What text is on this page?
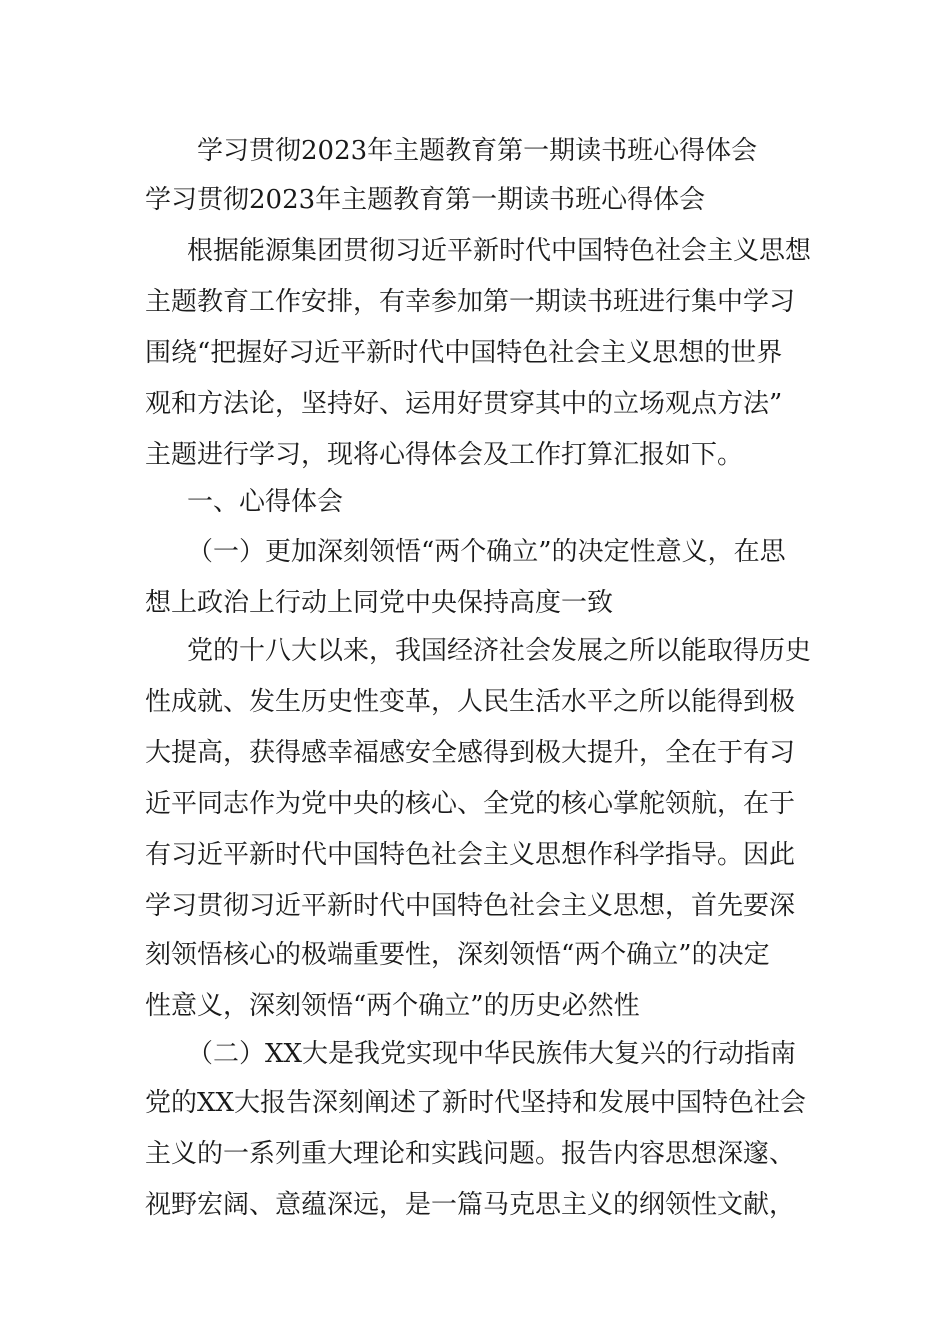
学习贯彻2023年主题教育第一期读书班心得体会

学习贯彻2023年主题教育第一期读书班心得体会

根据能源集团贯彻习近平新时代中国特色社会主义思想

主题教育工作安排，有幸参加第一期读书班进行集中学习

围绕“把握好习近平新时代中国特色社会主义思想的世界

观和方法论，坚持好、运用好贯穿其中的立场观点方法”

主题进行学习，现将心得体会及工作打算汇报如下。

一、心得体会

（一）更加深刻领悟“两个确立”的决定性意义，在思

想上政治上行动上同党中央保持高度一致

党的十八大以来，我国经济社会发展之所以能取得历史

性成就、发生历史性变革，人民生活水平之所以能得到极

大提高，获得感幸福感安全感得到极大提升，全在于有习

近平同志作为党中央的核心、全党的核心掌舵领航，在于

有习近平新时代中国特色社会主义思想作科学指导。因此

学习贯彻习近平新时代中国特色社会主义思想，首先要深

刻领悟核心的极端重要性，深刻领悟“两个确立”的决定

性意义，深刻领悟“两个确立”的历史必然性

（二）XX大是我党实现中华民族伟大复兴的行动指南

党的XX大报告深刻阐述了新时代坚持和发展中国特色社会

主义的一系列重大理论和实践问题。报告内容思想深邃、

视野宏阔、意蕴深远，是一篇马克思主义的纲领性文献，
